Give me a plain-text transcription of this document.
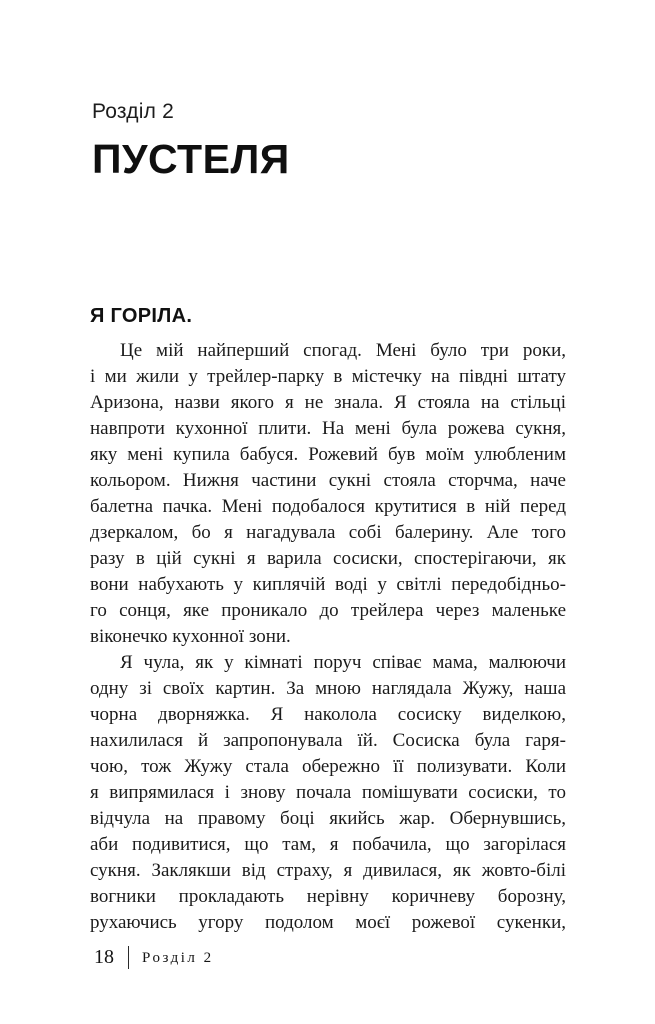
Розділ 2
ПУСТЕЛЯ
Я ГОРІЛА.
Це мій найперший спогад. Мені було три роки,
і ми жили у трейлер-парку в містечку на півдні штату
Аризона, назви якого я не знала. Я стояла на стільці
навпроти кухонної плити. На мені була рожева сукня,
яку мені купила бабуся. Рожевий був моїм улюбленим
кольором. Нижня частини сукні стояла сторчма, наче
балетна пачка. Мені подобалося крутитися в ній перед
дзеркалом, бо я нагадувала собі балерину. Але того
разу в цій сукні я варила сосиски, спостерігаючи, як
вони набухають у киплячій воді у світлі передобідньо-
го сонця, яке проникало до трейлера через маленьке
віконечко кухонної зони.
Я чула, як у кімнаті поруч співає мама, малюючи
одну зі своїх картин. За мною наглядала Жужу, наша
чорна дворняжка. Я наколола сосиску виделкою,
нахилилася й запропонувала їй. Сосиска була гаря-
чою, тож Жужу стала обережно її полизувати. Коли
я випрямилася і знову почала помішувати сосиски, то
відчула на правому боці якийсь жар. Обернувшись,
аби подивитися, що там, я побачила, що загорілася
сукня. Заклякши від страху, я дивилася, як жовто-білі
вогники прокладають нерівну коричневу борозну,
рухаючись угору подолом моєї рожевої сукенки,
18 Розділ 2
